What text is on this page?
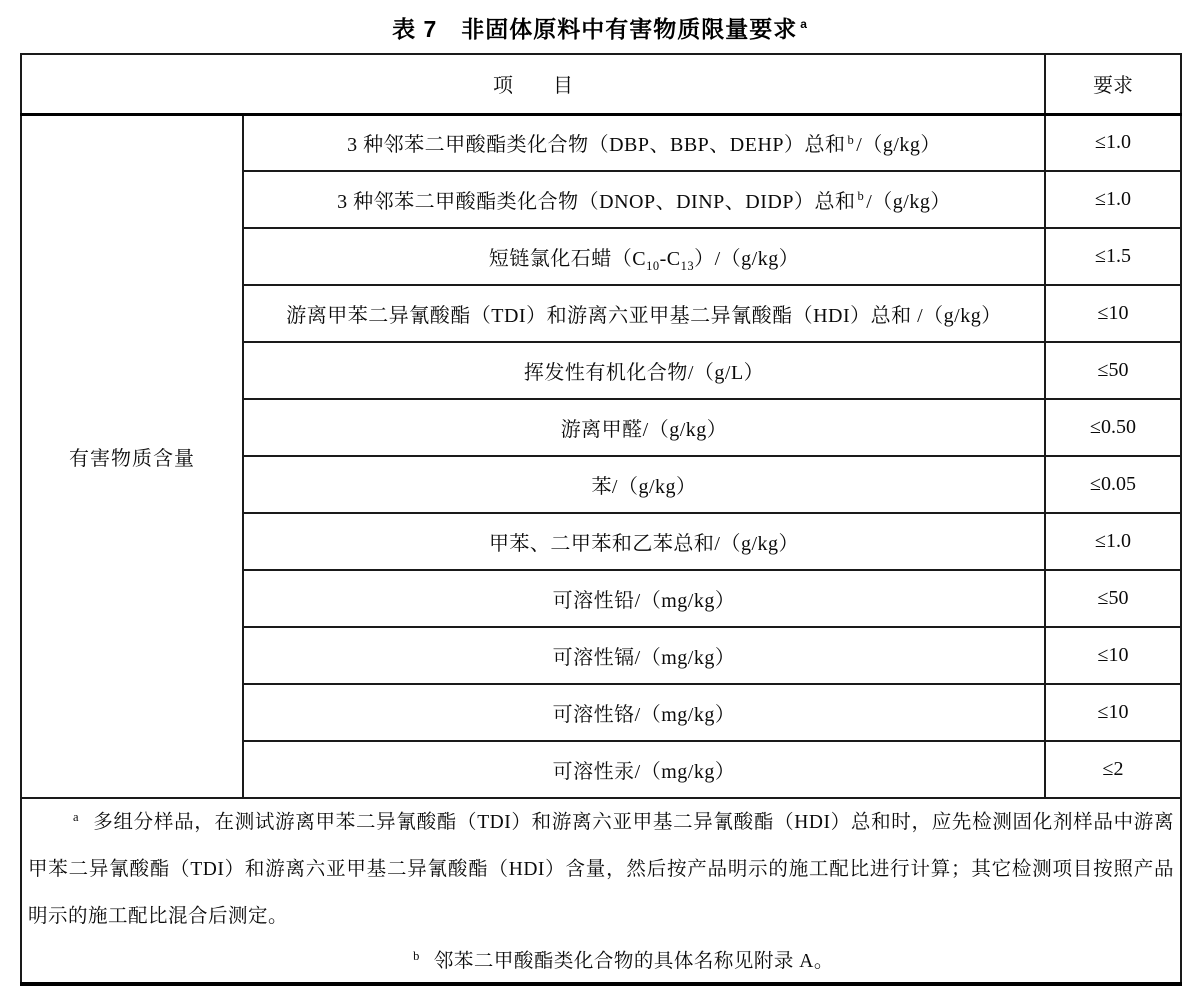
表 7　非固体原料中有害物质限量要求 $^a$
项　　目		要求
有害物质含量	3 种邻苯二甲酸酯类化合物（DBP、BBP、DEHP）总和 $^b$ /（g/kg）	≤1.0
	3 种邻苯二甲酸酯类化合物（DNOP、DINP、DIDP）总和 $^b$ /（g/kg）	≤1.0
	短链氯化石蜡$(C_{10}-C_{13})/(g/kg)$	≤1.5
	游离甲苯二异氰酸酯（TDI）和游离六亚甲基二异氰酸酯（HDI）总和 /（g/kg）	≤10
	挥发性有机化合物/（g/L）	≤50
	游离甲醛/（g/kg）	≤0.50
	苯/（g/kg）	≤0.05
	甲苯、二甲苯和乙苯总和/（g/kg）	≤1.0
	可溶性铅/（mg/kg）	≤50
	可溶性镉/（mg/kg）	≤10
	可溶性铬/（mg/kg）	≤10
	可溶性汞/（mg/kg）	≤2

$^a$ 多组分样品，在测试游离甲苯二异氰酸酯（TDI）和游离六亚甲基二异氰酸酯（HDI）总和时，应先检测固化剂样品中游离甲苯二异氰酸酯（TDI）和游离六亚甲基二异氰酸酯（HDI）含量，然后按产品明示的施工配比进行计算；其它检测项目按照产品明示的施工配比混合后测定。

$^b$ 邻苯二甲酸酯类化合物的具体名称见附录 A。		
